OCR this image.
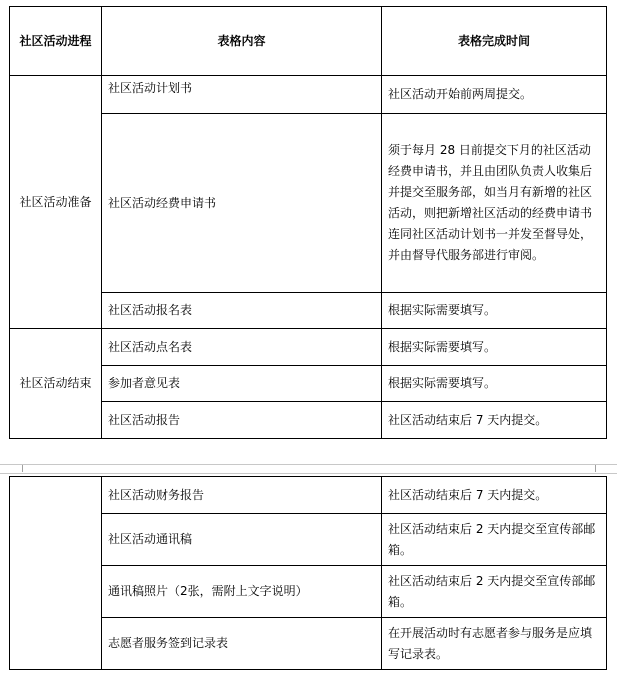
社区活动进程	表格内容	表格完成时间
社区活动准备	社区活动计划书	社区活动开始前两周提交。
	社区活动经费申请书	须于每月 28 日前提交下月的社区活动经费申请书，并且由团队负责人收集后并提交至服务部，如当月有新增的社区活动，则把新增社区活动的经费申请书连同社区活动计划书一并发至督导处，并由督导代服务部进行审阅。
	社区活动报名表	根据实际需要填写。
社区活动结束	社区活动点名表	根据实际需要填写。
	参加者意见表	根据实际需要填写。
	社区活动报告	社区活动结束后 7 天内提交。
	社区活动财务报告	社区活动结束后 7 天内提交。
	社区活动通讯稿	社区活动结束后 2 天内提交至宣传部邮箱。
	通讯稿照片（2张，需附上文字说明）	社区活动结束后 2 天内提交至宣传部邮箱。
	志愿者服务签到记录表	在开展活动时有志愿者参与服务是应填写记录表。
